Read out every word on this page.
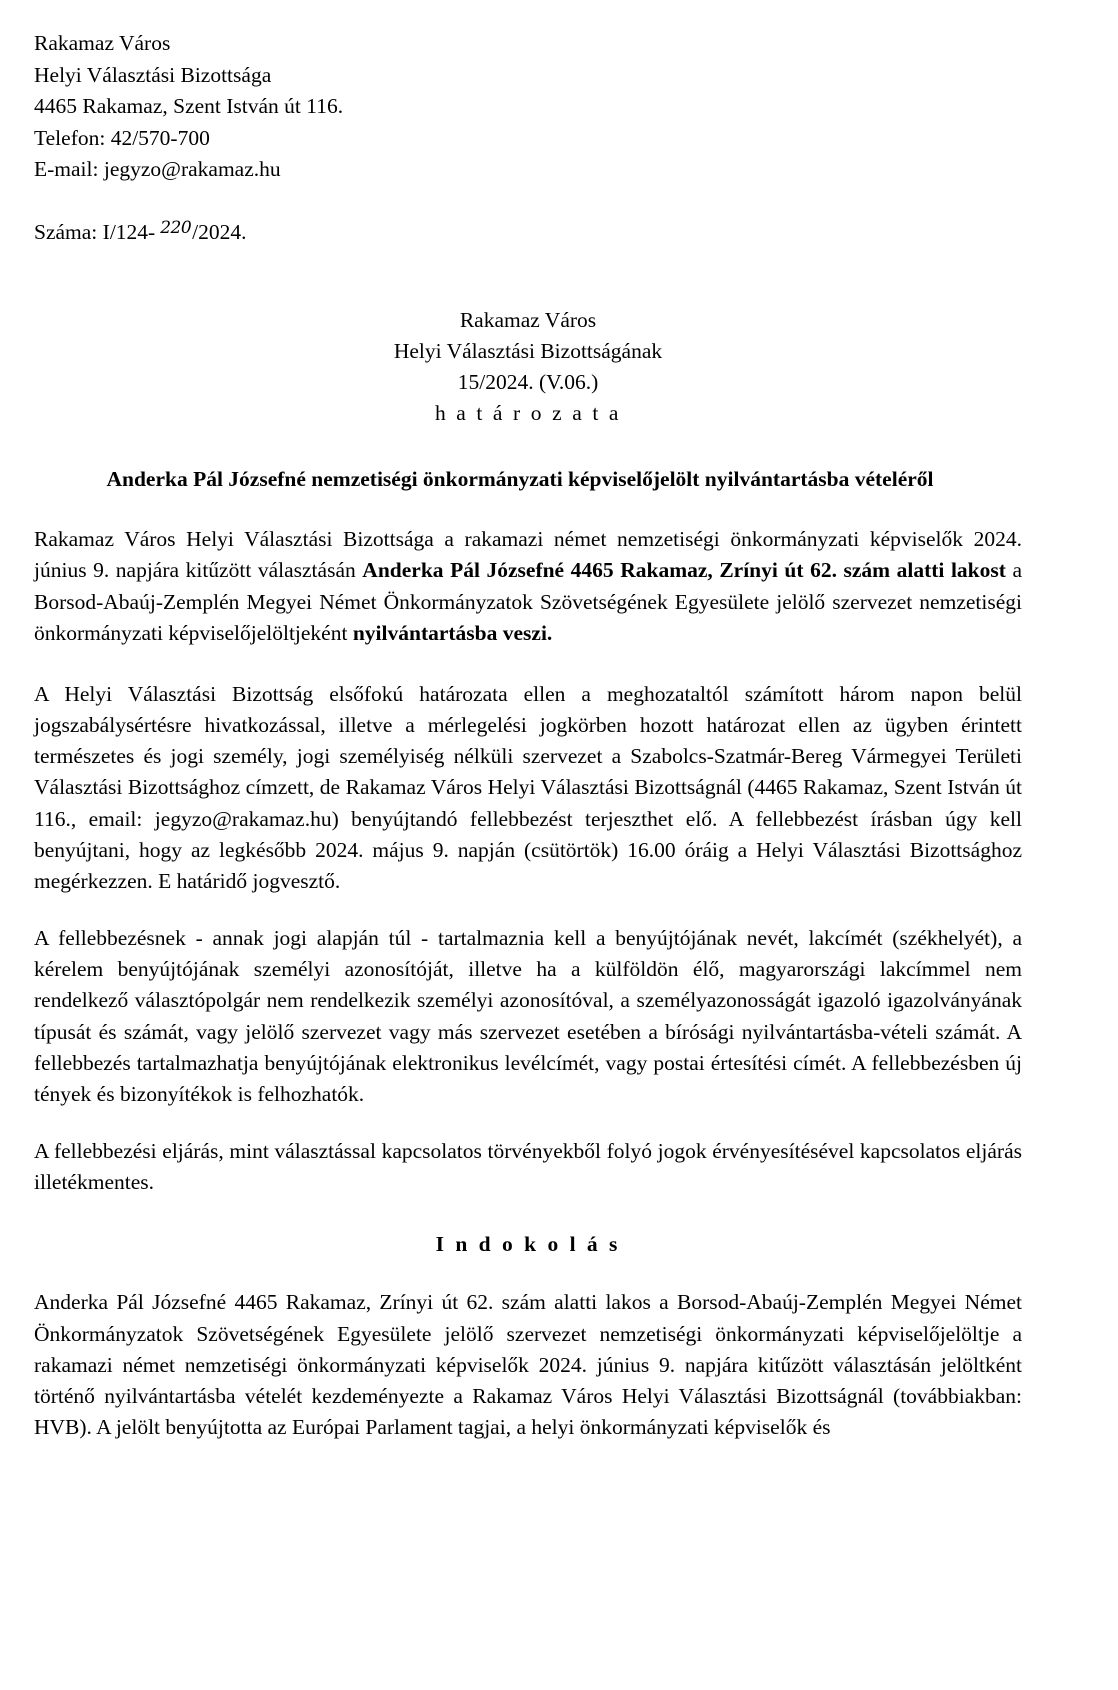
Rakamaz Város
Helyi Választási Bizottsága
4465 Rakamaz, Szent István út 116.
Telefon: 42/570-700
E-mail: jegyzo@rakamaz.hu
Száma: I/124- 220 /2024.
Rakamaz Város
Helyi Választási Bizottságának
15/2024. (V.06.)
h a t á r o z a t a
Anderka Pál Józsefné nemzetiségi önkormányzati képviselőjelölt nyilvántartásba vételéről

Rakamaz Város Helyi Választási Bizottsága a rakamazi német nemzetiségi önkormányzati képviselők 2024. június 9. napjára kitűzött választásán Anderka Pál Józsefné 4465 Rakamaz, Zrínyi út 62. szám alatti lakost a Borsod-Abaúj-Zemplén Megyei Német Önkormányzatok Szövetségének Egyesülete jelölő szervezet nemzetiségi önkormányzati képviselőjelöltjeként nyilvántartásba veszi.

A Helyi Választási Bizottság elsőfokú határozata ellen a meghozataltól számított három napon belül jogszabálysértésre hivatkozással, illetve a mérlegelési jogkörben hozott határozat ellen az ügyben érintett természetes és jogi személy, jogi személyiség nélküli szervezet a Szabolcs-Szatmár-Bereg Vármegyei Területi Választási Bizottsághoz címzett, de Rakamaz Város Helyi Választási Bizottságnál (4465 Rakamaz, Szent István út 116., email: jegyzo@rakamaz.hu) benyújtandó fellebbezést terjeszthet elő. A fellebbezést írásban úgy kell benyújtani, hogy az legkésőbb 2024. május 9. napján (csütörtök) 16.00 óráig a Helyi Választási Bizottsághoz megérkezzen. E határidő jogvesztő.

A fellebbezésnek - annak jogi alapján túl - tartalmaznia kell a benyújtójának nevét, lakcímét (székhelyét), a kérelem benyújtójának személyi azonosítóját, illetve ha a külföldön élő, magyarországi lakcímmel nem rendelkező választópolgár nem rendelkezik személyi azonosítóval, a személyazonosságát igazoló igazolványának típusát és számát, vagy jelölő szervezet vagy más szervezet esetében a bírósági nyilvántartásba-vételi számát. A fellebbezés tartalmazhatja benyújtójának elektronikus levélcímét, vagy postai értesítési címét. A fellebbezésben új tények és bizonyítékok is felhozhatók.

A fellebbezési eljárás, mint választással kapcsolatos törvényekből folyó jogok érvényesítésével kapcsolatos eljárás illetékmentes.

I n d o k o l á s

Anderka Pál Józsefné 4465 Rakamaz, Zrínyi út 62. szám alatti lakos a Borsod-Abaúj-Zemplén Megyei Német Önkormányzatok Szövetségének Egyesülete jelölő szervezet nemzetiségi önkormányzati képviselőjelöltje a rakamazi német nemzetiségi önkormányzati képviselők 2024. június 9. napjára kitűzött választásán jelöltként történő nyilvántartásba vételét kezdeményezte a Rakamaz Város Helyi Választási Bizottságnál (továbbiakban: HVB). A jelölt benyújtotta az Európai Parlament tagjai, a helyi önkormányzati képviselők és
